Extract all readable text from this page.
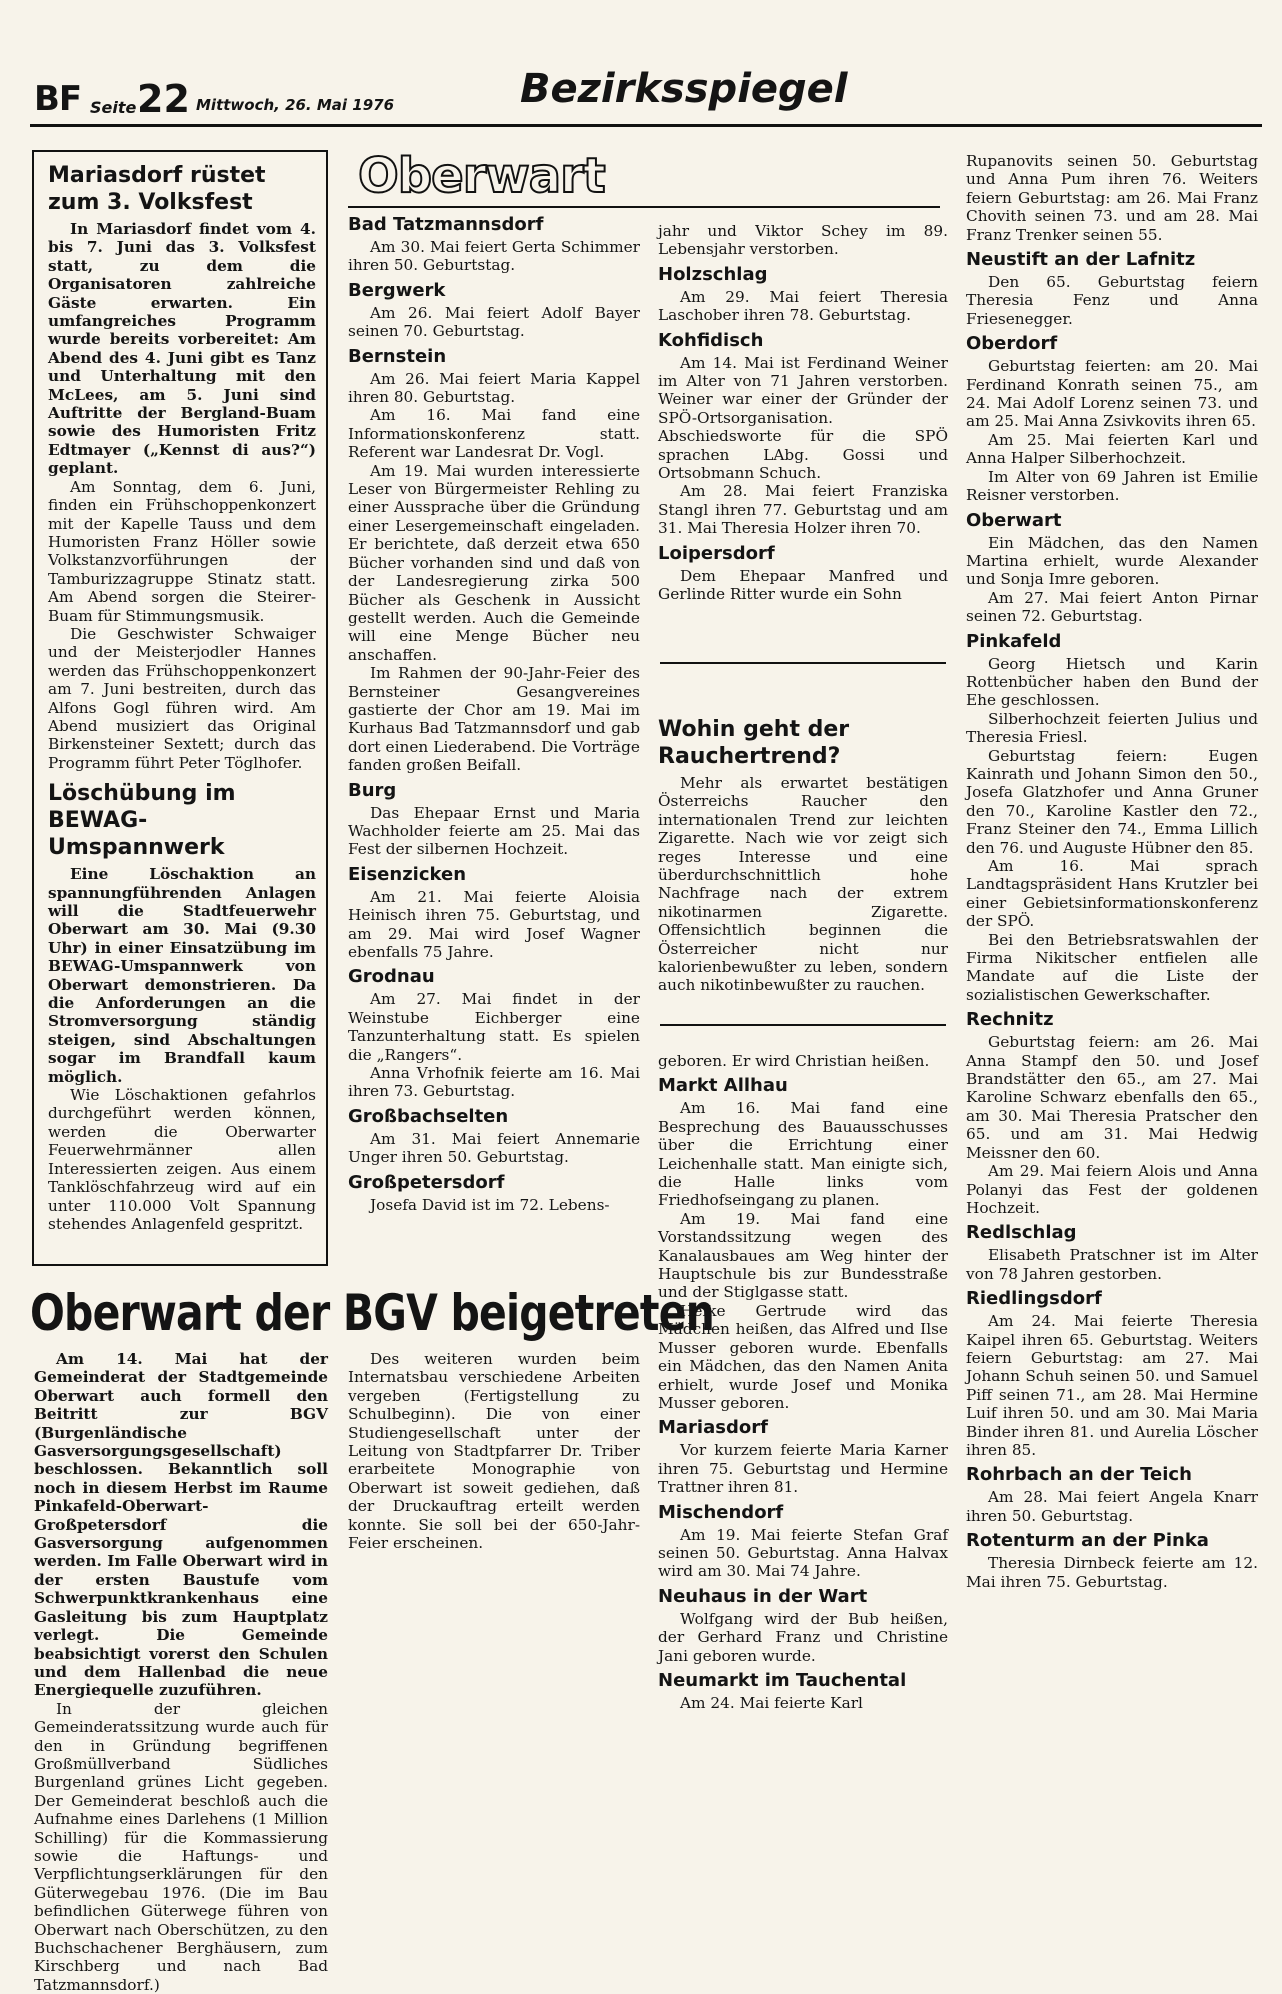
BF Seite 22 Mittwoch, 26. Mai 1976	Bezirksspiegel
Mariasdorf rüstet zum 3. Volksfest

In Mariasdorf findet vom 4. bis 7. Juni das 3. Volksfest statt, zu dem die Organisatoren zahlreiche Gäste erwarten. Ein umfangreiches Programm wurde bereits vorbereitet: Am Abend des 4. Juni gibt es Tanz und Unterhaltung mit den McLees, am 5. Juni sind Auftritte der Bergland-Buam sowie des Humoristen Fritz Edtmayer („Kennst di aus?“) geplant.

Am Sonntag, dem 6. Juni, finden ein Frühschoppenkonzert mit der Kapelle Tauss und dem Humoristen Franz Höller sowie Volkstanzvorführungen der Tamburizzagruppe Stinatz statt. Am Abend sorgen die Steirer-Buam für Stimmungsmusik.

Die Geschwister Schwaiger und der Meisterjodler Hannes werden das Frühschoppenkonzert am 7. Juni bestreiten, durch das Alfons Gogl führen wird. Am Abend musiziert das Original Birkensteiner Sextett; durch das Programm führt Peter Töglhofer.

Löschübung im BEWAG-Umspannwerk

Eine Löschaktion an spannungführenden Anlagen will die Stadtfeuerwehr Oberwart am 30. Mai (9.30 Uhr) in einer Einsatzübung im BEWAG-Umspannwerk von Oberwart demonstrieren. Da die Anforderungen an die Stromversorgung ständig steigen, sind Abschaltungen sogar im Brandfall kaum möglich.

Wie Löschaktionen gefahrlos durchgeführt werden können, werden die Oberwarter Feuerwehrmänner allen Interessierten zeigen. Aus einem Tanklöschfahrzeug wird auf ein unter 110.000 Volt Spannung stehendes Anlagenfeld gespritzt.

Oberwart
Bad Tatzmannsdorf

Am 30. Mai feiert Gerta Schimmer ihren 50. Geburtstag.

Bergwerk

Am 26. Mai feiert Adolf Bayer seinen 70. Geburtstag.

Bernstein

Am 26. Mai feiert Maria Kappel ihren 80. Geburtstag.

Am 16. Mai fand eine Informationskonferenz statt. Referent war Landesrat Dr. Vogl.

Am 19. Mai wurden interessierte Leser von Bürgermeister Rehling zu einer Aussprache über die Gründung einer Lesergemeinschaft eingeladen. Er berichtete, daß derzeit etwa 650 Bücher vorhanden sind und daß von der Landesregierung zirka 500 Bücher als Geschenk in Aussicht gestellt werden. Auch die Gemeinde will eine Menge Bücher neu anschaffen.

Im Rahmen der 90-Jahr-Feier des Bernsteiner Gesangvereines gastierte der Chor am 19. Mai im Kurhaus Bad Tatzmannsdorf und gab dort einen Liederabend. Die Vorträge fanden großen Beifall.

Burg

Das Ehepaar Ernst und Maria Wachholder feierte am 25. Mai das Fest der silbernen Hochzeit.

Eisenzicken

Am 21. Mai feierte Aloisia Heinisch ihren 75. Geburtstag, und am 29. Mai wird Josef Wagner ebenfalls 75 Jahre.

Grodnau

Am 27. Mai findet in der Weinstube Eichberger eine Tanzunterhaltung statt. Es spielen die „Rangers“.

Anna Vrhofnik feierte am 16. Mai ihren 73. Geburtstag.

Großbachselten

Am 31. Mai feiert Annemarie Unger ihren 50. Geburtstag.

Großpetersdorf

Josefa David ist im 72. Lebens-

jahr und Viktor Schey im 89. Lebensjahr verstorben.

Holzschlag

Am 29. Mai feiert Theresia Laschober ihren 78. Geburtstag.

Kohfidisch

Am 14. Mai ist Ferdinand Weiner im Alter von 71 Jahren verstorben. Weiner war einer der Gründer der SPÖ-Ortsorganisation. Abschiedsworte für die SPÖ sprachen LAbg. Gossi und Ortsobmann Schuch.

Am 28. Mai feiert Franziska Stangl ihren 77. Geburtstag und am 31. Mai Theresia Holzer ihren 70.

Loipersdorf

Dem Ehepaar Manfred und Gerlinde Ritter wurde ein Sohn

Wohin geht der Rauchertrend?

Mehr als erwartet bestätigen Österreichs Raucher den internationalen Trend zur leichten Zigarette. Nach wie vor zeigt sich reges Interesse und eine überdurchschnittlich hohe Nachfrage nach der extrem nikotinarmen Zigarette. Offensichtlich beginnen die Österreicher nicht nur kalorienbewußter zu leben, sondern auch nikotinbewußter zu rauchen.

geboren. Er wird Christian heißen.

Markt Allhau

Am 16. Mai fand eine Besprechung des Bauausschusses über die Errichtung einer Leichenhalle statt. Man einigte sich, die Halle links vom Friedhofseingang zu planen.

Am 19. Mai fand eine Vorstandssitzung wegen des Kanalausbaues am Weg hinter der Hauptschule bis zur Bundesstraße und der Stiglgasse statt.

Heike Gertrude wird das Mädchen heißen, das Alfred und Ilse Musser geboren wurde. Ebenfalls ein Mädchen, das den Namen Anita erhielt, wurde Josef und Monika Musser geboren.

Mariasdorf

Vor kurzem feierte Maria Karner ihren 75. Geburtstag und Hermine Trattner ihren 81.

Mischendorf

Am 19. Mai feierte Stefan Graf seinen 50. Geburtstag. Anna Halvax wird am 30. Mai 74 Jahre.

Neuhaus in der Wart

Wolfgang wird der Bub heißen, der Gerhard Franz und Christine Jani geboren wurde.

Neumarkt im Tauchental

Am 24. Mai feierte Karl

Rupanovits seinen 50. Geburtstag und Anna Pum ihren 76. Weiters feiern Geburtstag: am 26. Mai Franz Chovith seinen 73. und am 28. Mai Franz Trenker seinen 55.

Neustift an der Lafnitz

Den 65. Geburtstag feiern Theresia Fenz und Anna Friesenegger.

Oberdorf

Geburtstag feierten: am 20. Mai Ferdinand Konrath seinen 75., am 24. Mai Adolf Lorenz seinen 73. und am 25. Mai Anna Zsivkovits ihren 65.

Am 25. Mai feierten Karl und Anna Halper Silberhochzeit.

Im Alter von 69 Jahren ist Emilie Reisner verstorben.

Oberwart

Ein Mädchen, das den Namen Martina erhielt, wurde Alexander und Sonja Imre geboren.

Am 27. Mai feiert Anton Pirnar seinen 72. Geburtstag.

Pinkafeld

Georg Hietsch und Karin Rottenbücher haben den Bund der Ehe geschlossen.

Silberhochzeit feierten Julius und Theresia Friesl.

Geburtstag feiern: Eugen Kainrath und Johann Simon den 50., Josefa Glatzhofer und Anna Gruner den 70., Karoline Kastler den 72., Franz Steiner den 74., Emma Lillich den 76. und Auguste Hübner den 85.

Am 16. Mai sprach Landtagspräsident Hans Krutzler bei einer Gebietsinformationskonferenz der SPÖ.

Bei den Betriebsratswahlen der Firma Nikitscher entfielen alle Mandate auf die Liste der sozialistischen Gewerkschafter.

Rechnitz

Geburtstag feiern: am 26. Mai Anna Stampf den 50. und Josef Brandstätter den 65., am 27. Mai Karoline Schwarz ebenfalls den 65., am 30. Mai Theresia Pratscher den 65. und am 31. Mai Hedwig Meissner den 60.

Am 29. Mai feiern Alois und Anna Polanyi das Fest der goldenen Hochzeit.

Redlschlag

Elisabeth Pratschner ist im Alter von 78 Jahren gestorben.

Riedlingsdorf

Am 24. Mai feierte Theresia Kaipel ihren 65. Geburtstag. Weiters feiern Geburtstag: am 27. Mai Johann Schuh seinen 50. und Samuel Piff seinen 71., am 28. Mai Hermine Luif ihren 50. und am 30. Mai Maria Binder ihren 81. und Aurelia Löscher ihren 85.

Rohrbach an der Teich

Am 28. Mai feiert Angela Knarr ihren 50. Geburtstag.

Rotenturm an der Pinka

Theresia Dirnbeck feierte am 12. Mai ihren 75. Geburtstag.

Oberwart der BGV beigetreten

Am 14. Mai hat der Gemeinderat der Stadtgemeinde Oberwart auch formell den Beitritt zur BGV (Burgenländische Gasversorgungsgesellschaft) beschlossen. Bekanntlich soll noch in diesem Herbst im Raume Pinkafeld-Oberwart-Großpetersdorf die Gasversorgung aufgenommen werden. Im Falle Oberwart wird in der ersten Baustufe vom Schwerpunktkrankenhaus eine Gasleitung bis zum Hauptplatz verlegt. Die Gemeinde beabsichtigt vorerst den Schulen und dem Hallenbad die neue Energiequelle zuzuführen.

In der gleichen Gemeinderatssitzung wurde auch für den in Gründung begriffenen Großmüllverband Südliches Burgenland grünes Licht gegeben. Der Gemeinderat beschloß auch die Aufnahme eines Darlehens (1 Million Schilling) für die Kommassierung sowie die Haftungs- und Verpflichtungserklärungen für den Güterwegebau 1976. (Die im Bau befindlichen Güterwege führen von Oberwart nach Oberschützen, zu den Buchschachener Berghäusern, zum Kirschberg und nach Bad Tatzmannsdorf.)

Des weiteren wurden beim Internatsbau verschiedene Arbeiten vergeben (Fertigstellung zu Schulbeginn). Die von einer Studiengesellschaft unter der Leitung von Stadtpfarrer Dr. Triber erarbeitete Monographie von Oberwart ist soweit gediehen, daß der Druckauftrag erteilt werden konnte. Sie soll bei der 650-Jahr-Feier erscheinen.
